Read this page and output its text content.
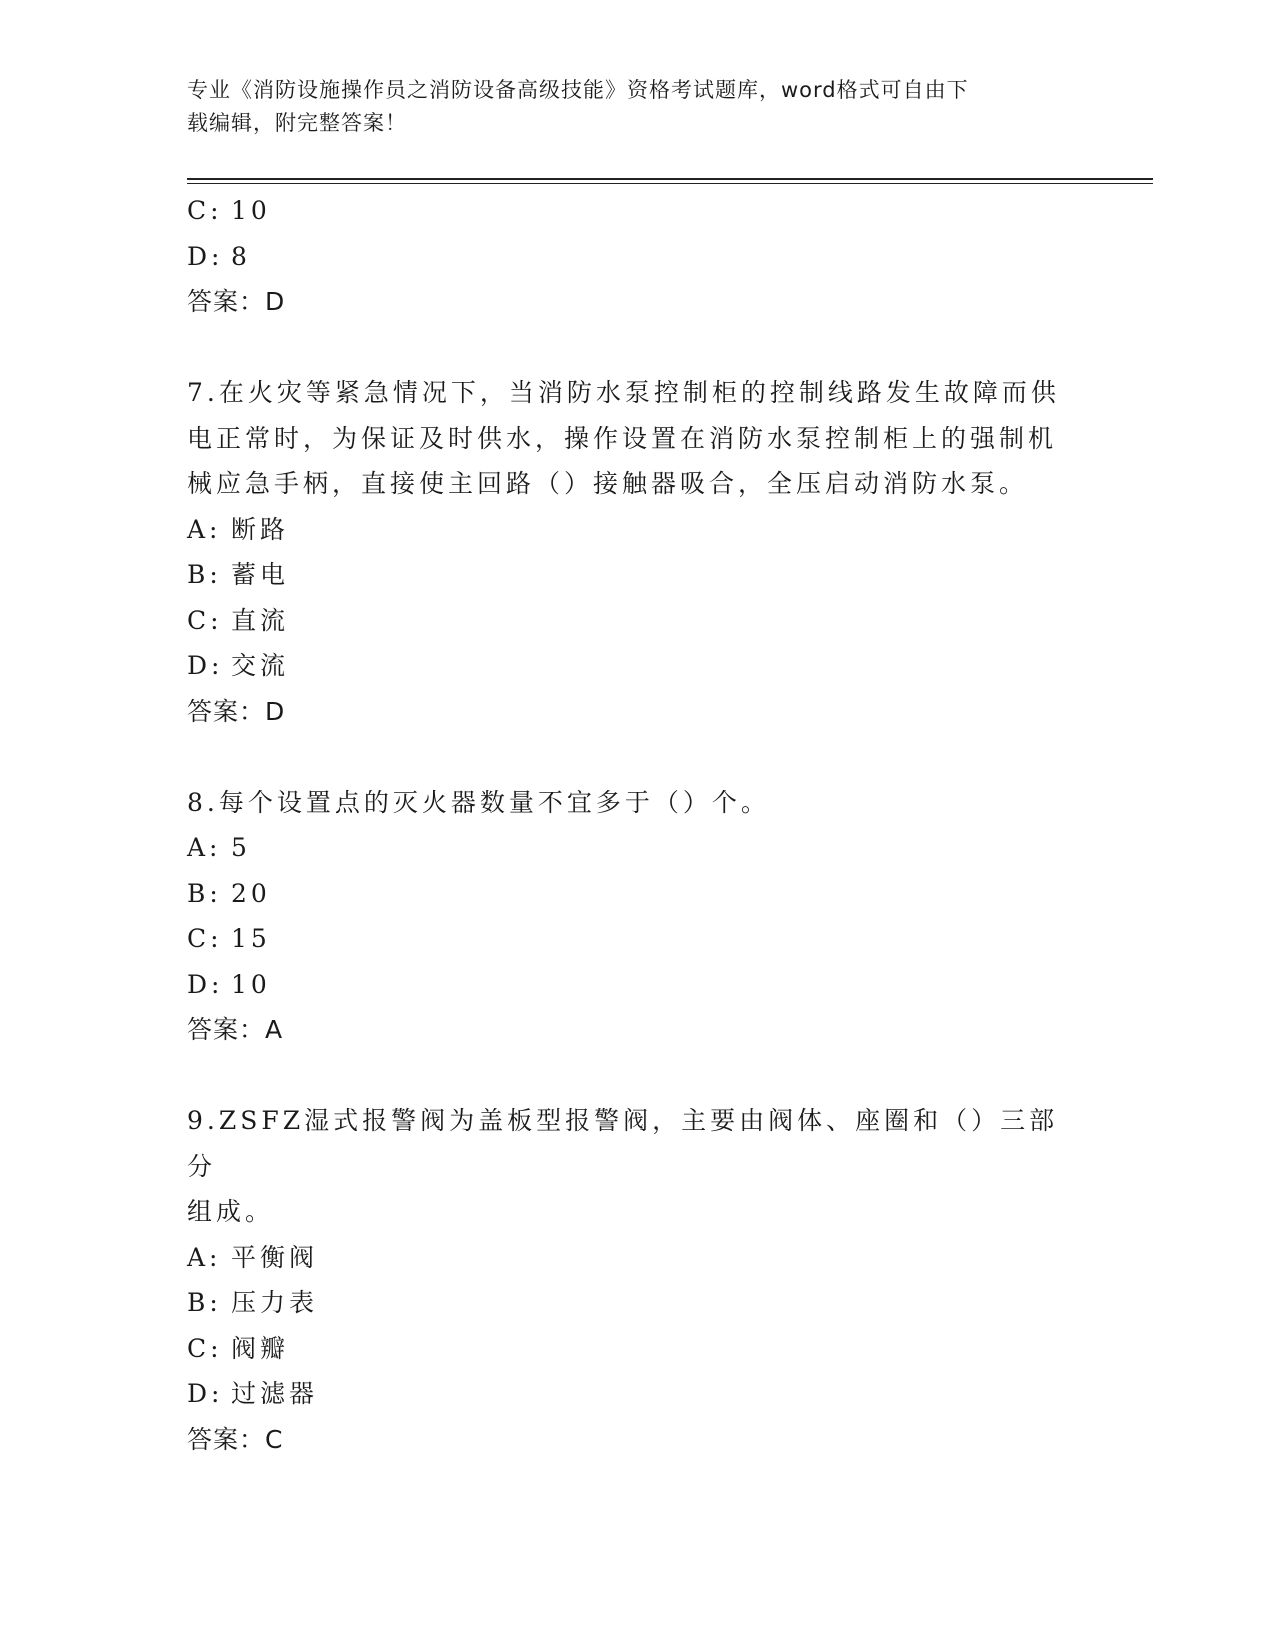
专业《消防设施操作员之消防设备高级技能》资格考试题库，word格式可自由下
载编辑，附完整答案！
C: 10
D: 8
答案：D
7.在火灾等紧急情况下，当消防水泵控制柜的控制线路发生故障而供
电正常时，为保证及时供水，操作设置在消防水泵控制柜上的强制机
械应急手柄，直接使主回路（）接触器吸合，全压启动消防水泵。
A: 断路
B: 蓄电
C: 直流
D: 交流
答案：D
8.每个设置点的灭火器数量不宜多于（）个。
A: 5
B: 20
C: 15
D: 10
答案：A
9.ZSFZ湿式报警阀为盖板型报警阀，主要由阀体、座圈和（）三部分
组成。
A: 平衡阀
B: 压力表
C: 阀瓣
D: 过滤器
答案：C
